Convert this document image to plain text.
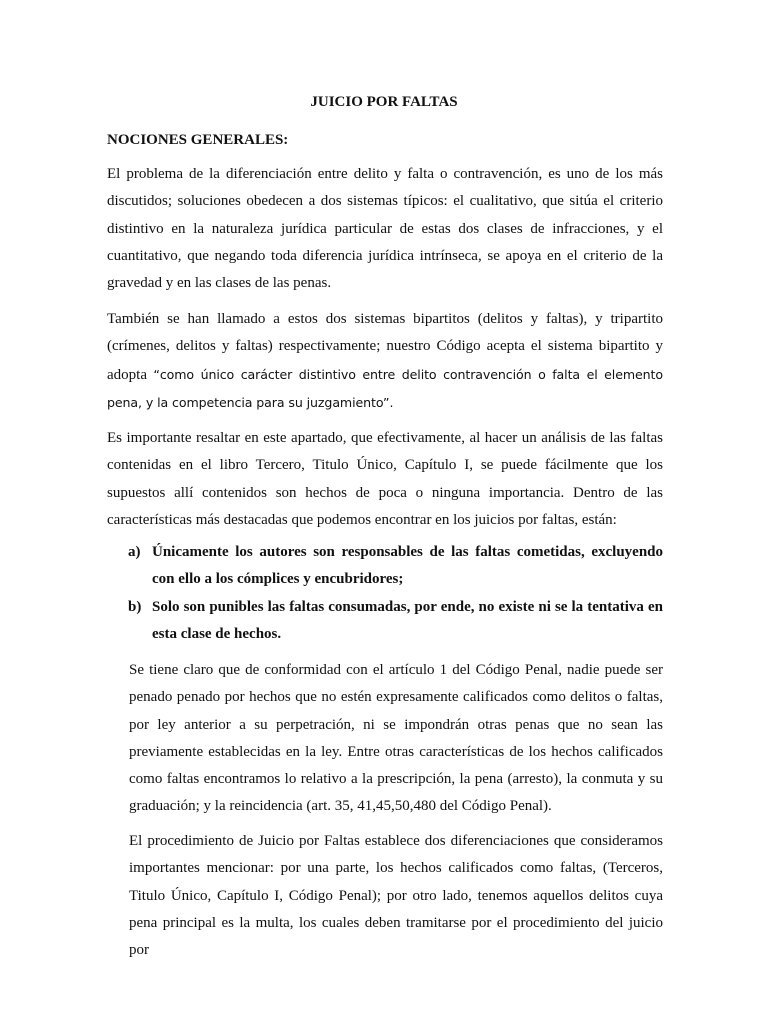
JUICIO POR FALTAS
NOCIONES GENERALES:
El problema de la diferenciación entre delito y falta o contravención, es uno de los más discutidos; soluciones obedecen a dos sistemas típicos: el cualitativo, que sitúa el criterio distintivo en la naturaleza jurídica particular de estas dos clases de infracciones, y el cuantitativo, que negando toda diferencia jurídica intrínseca, se apoya en el criterio de la gravedad y en las clases de las penas.
También se han llamado a estos dos sistemas bipartitos (delitos y faltas), y tripartito (crímenes, delitos y faltas) respectivamente; nuestro Código acepta el sistema bipartito y adopta “como único carácter distintivo entre delito contravención o falta el elemento pena, y la competencia para su juzgamiento”.
Es importante resaltar en este apartado, que efectivamente, al hacer un análisis de las faltas contenidas en el libro Tercero, Titulo Único, Capítulo I, se puede fácilmente que los supuestos allí contenidos son hechos de poca o ninguna importancia. Dentro de las características más destacadas que podemos encontrar en los juicios por faltas, están:
a) Únicamente los autores son responsables de las faltas cometidas, excluyendo con ello a los cómplices y encubridores;
b) Solo son punibles las faltas consumadas, por ende, no existe ni se la tentativa en esta clase de hechos.
Se tiene claro que de conformidad con el artículo 1 del Código Penal, nadie puede ser penado penado por hechos que no estén expresamente calificados como delitos o faltas, por ley anterior a su perpetración, ni se impondrán otras penas que no sean las previamente establecidas en la ley. Entre otras características de los hechos calificados como faltas encontramos lo relativo a la prescripción, la pena (arresto), la conmuta y su graduación; y la reincidencia (art. 35, 41,45,50,480 del Código Penal).
El procedimiento de Juicio por Faltas establece dos diferenciaciones que consideramos importantes mencionar: por una parte, los hechos calificados como faltas, (Terceros, Titulo Único, Capítulo I, Código Penal); por otro lado, tenemos aquellos delitos cuya pena principal es la multa, los cuales deben tramitarse por el procedimiento del juicio por
